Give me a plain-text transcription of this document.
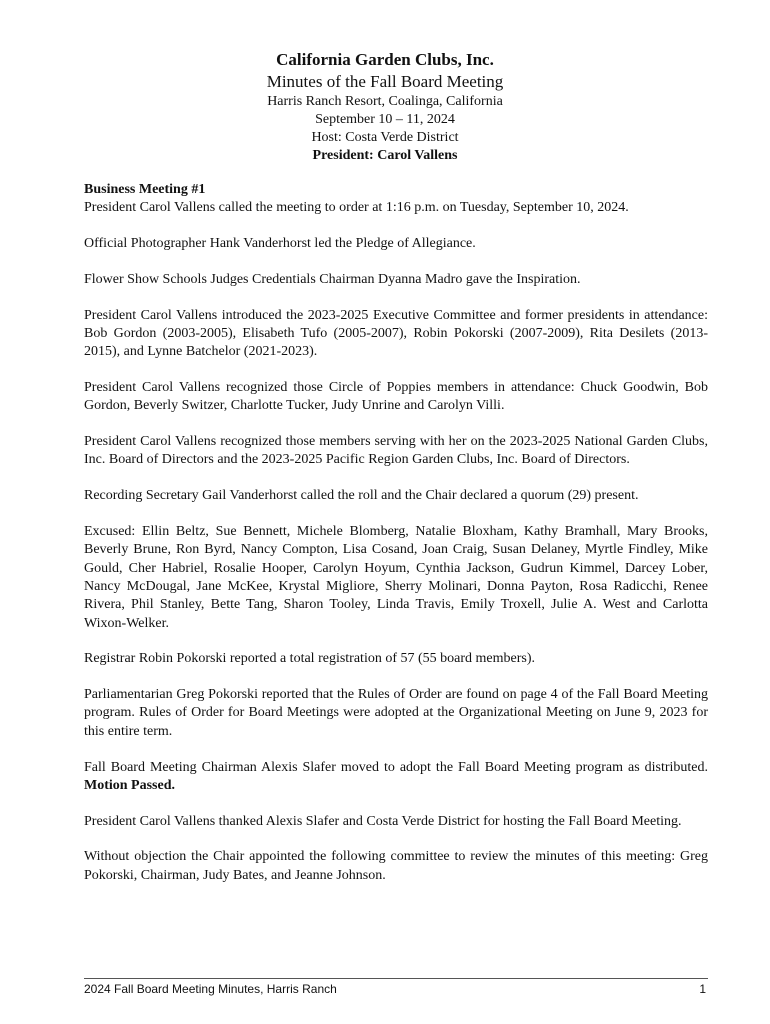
California Garden Clubs, Inc.
Minutes of the Fall Board Meeting
Harris Ranch Resort, Coalinga, California
September 10 – 11, 2024
Host: Costa Verde District
President: Carol Vallens

Business Meeting #1

President Carol Vallens called the meeting to order at 1:16 p.m. on Tuesday, September 10, 2024.

Official Photographer Hank Vanderhorst led the Pledge of Allegiance.

Flower Show Schools Judges Credentials Chairman Dyanna Madro gave the Inspiration.

President Carol Vallens introduced the 2023-2025 Executive Committee and former presidents in attendance: Bob Gordon (2003-2005), Elisabeth Tufo (2005-2007), Robin Pokorski (2007-2009), Rita Desilets (2013-2015), and Lynne Batchelor (2021-2023).

President Carol Vallens recognized those Circle of Poppies members in attendance: Chuck Goodwin, Bob Gordon, Beverly Switzer, Charlotte Tucker, Judy Unrine and Carolyn Villi.

President Carol Vallens recognized those members serving with her on the 2023-2025 National Garden Clubs, Inc. Board of Directors and the 2023-2025 Pacific Region Garden Clubs, Inc. Board of Directors.

Recording Secretary Gail Vanderhorst called the roll and the Chair declared a quorum (29) present.

Excused: Ellin Beltz, Sue Bennett, Michele Blomberg, Natalie Bloxham, Kathy Bramhall, Mary Brooks, Beverly Brune, Ron Byrd, Nancy Compton, Lisa Cosand, Joan Craig, Susan Delaney, Myrtle Findley, Mike Gould, Cher Habriel, Rosalie Hooper, Carolyn Hoyum, Cynthia Jackson, Gudrun Kimmel, Darcey Lober, Nancy McDougal, Jane McKee, Krystal Migliore, Sherry Molinari, Donna Payton, Rosa Radicchi, Renee Rivera, Phil Stanley, Bette Tang, Sharon Tooley, Linda Travis, Emily Troxell, Julie A. West and Carlotta Wixon-Welker.

Registrar Robin Pokorski reported a total registration of 57 (55 board members).

Parliamentarian Greg Pokorski reported that the Rules of Order are found on page 4 of the Fall Board Meeting program. Rules of Order for Board Meetings were adopted at the Organizational Meeting on June 9, 2023 for this entire term.

Fall Board Meeting Chairman Alexis Slafer moved to adopt the Fall Board Meeting program as distributed. Motion Passed.

President Carol Vallens thanked Alexis Slafer and Costa Verde District for hosting the Fall Board Meeting.

Without objection the Chair appointed the following committee to review the minutes of this meeting: Greg Pokorski, Chairman, Judy Bates, and Jeanne Johnson.

2024 Fall Board Meeting Minutes, Harris Ranch	1
